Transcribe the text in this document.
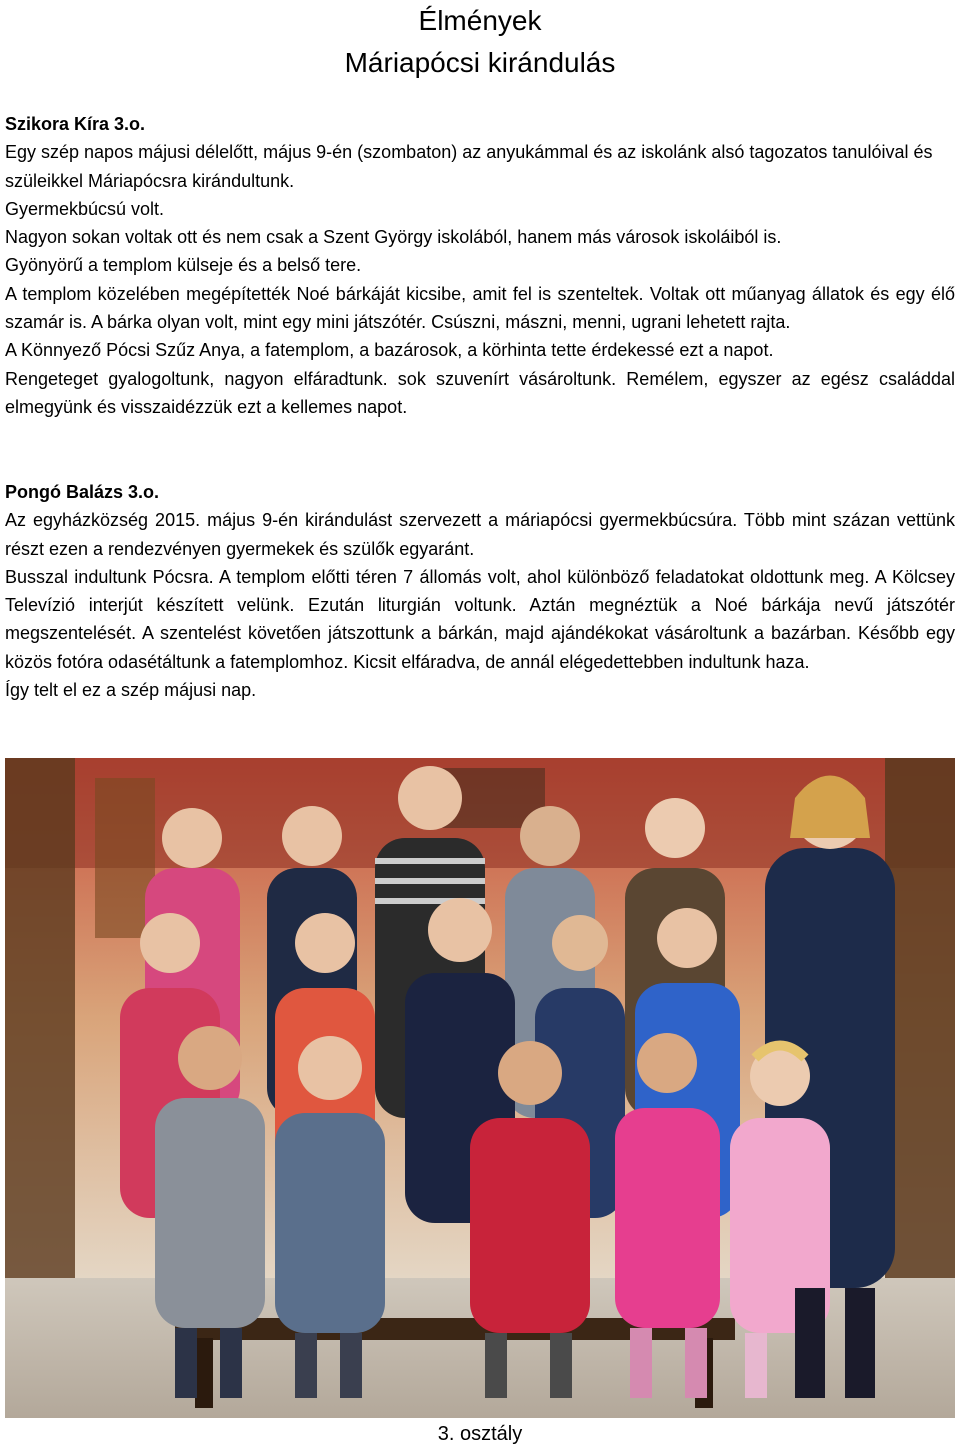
Élmények
Máriapócsi kirándulás

Szikora Kíra 3.o.

Egy szép napos májusi délelőtt, május 9-én (szombaton) az anyukámmal és az iskolánk alsó tagozatos tanulóival és szüleikkel Máriapócsra kirándultunk.

Gyermekbúcsú volt.

Nagyon sokan voltak ott és nem csak a Szent György iskolából, hanem más városok iskoláiból is.

Gyönyörű a templom külseje és a belső tere.

A templom közelében megépítették Noé bárkáját kicsibe, amit fel is szenteltek. Voltak ott műanyag állatok és egy élő szamár is. A bárka olyan volt, mint egy mini játszótér. Csúszni, mászni, menni, ugrani lehetett rajta.

A Könnyező Pócsi Szűz Anya, a fatemplom, a bazárosok, a körhinta tette érdekessé ezt a napot.

Rengeteget gyalogoltunk, nagyon elfáradtunk. sok szuvenírt vásároltunk. Remélem, egyszer az egész családdal elmegyünk és visszaidézzük ezt a kellemes napot.

Pongó Balázs 3.o.

Az egyházközség 2015. május 9-én kirándulást szervezett a máriapócsi gyermekbúcsúra. Több mint százan vettünk részt ezen a rendezvényen gyermekek és szülők egyaránt.

Busszal indultunk Pócsra. A templom előtti téren 7 állomás volt, ahol különböző feladatokat oldottunk meg. A Kölcsey Televízió interjút készített velünk. Ezután liturgián voltunk. Aztán megnéztük a Noé bárkája nevű játszótér megszentelését. A szentelést követően játszottunk a bárkán, majd ajándékokat vásároltunk a bazárban. Később egy közös fotóra odasétáltunk a fatemplomhoz. Kicsit elfáradva, de annál elégedettebben indultunk haza.

Így telt el ez a szép májusi nap.

3. osztály
